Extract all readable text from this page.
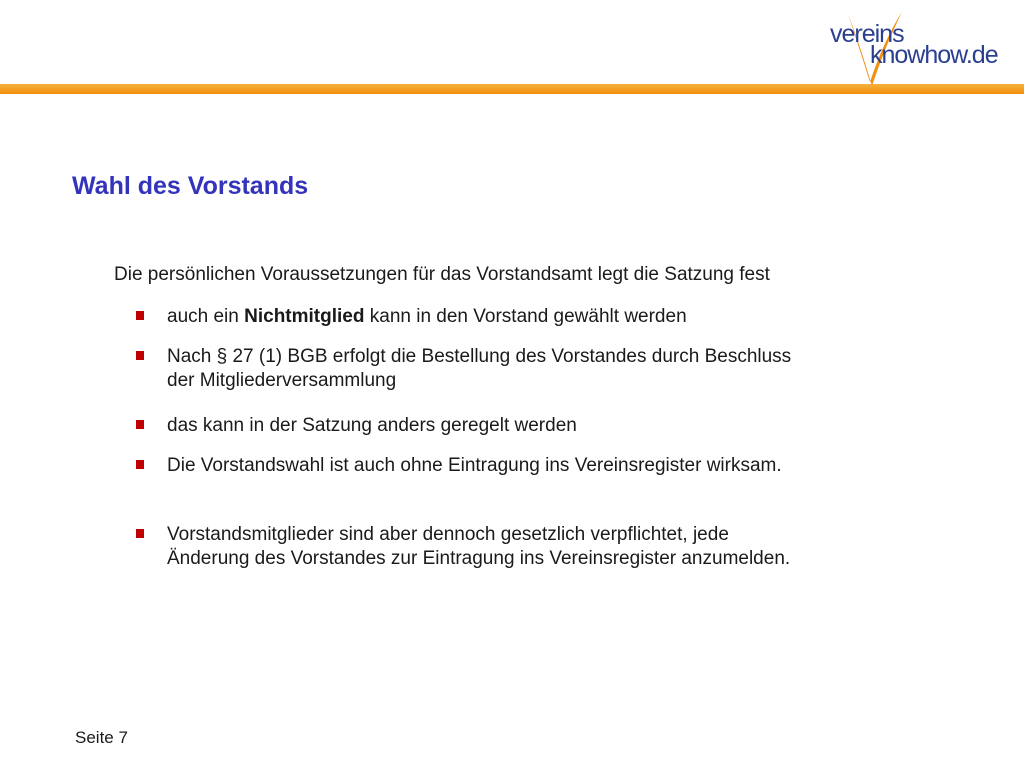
vereins
knowhow.de
Wahl des Vorstands

Die persönlichen Voraussetzungen für das Vorstandsamt legt die Satzung fest

auch ein Nichtmitglied kann in den Vorstand gewählt werden
Nach § 27 (1) BGB erfolgt die Bestellung des Vorstandes durch Beschluss der Mitgliederversammlung
das kann in der Satzung anders geregelt werden
Die Vorstandswahl ist auch ohne Eintragung ins Vereinsregister wirksam.
Vorstandsmitglieder sind aber dennoch gesetzlich verpflichtet, jede Änderung des Vorstandes zur Eintragung ins Vereinsregister anzumelden.
Seite 7
